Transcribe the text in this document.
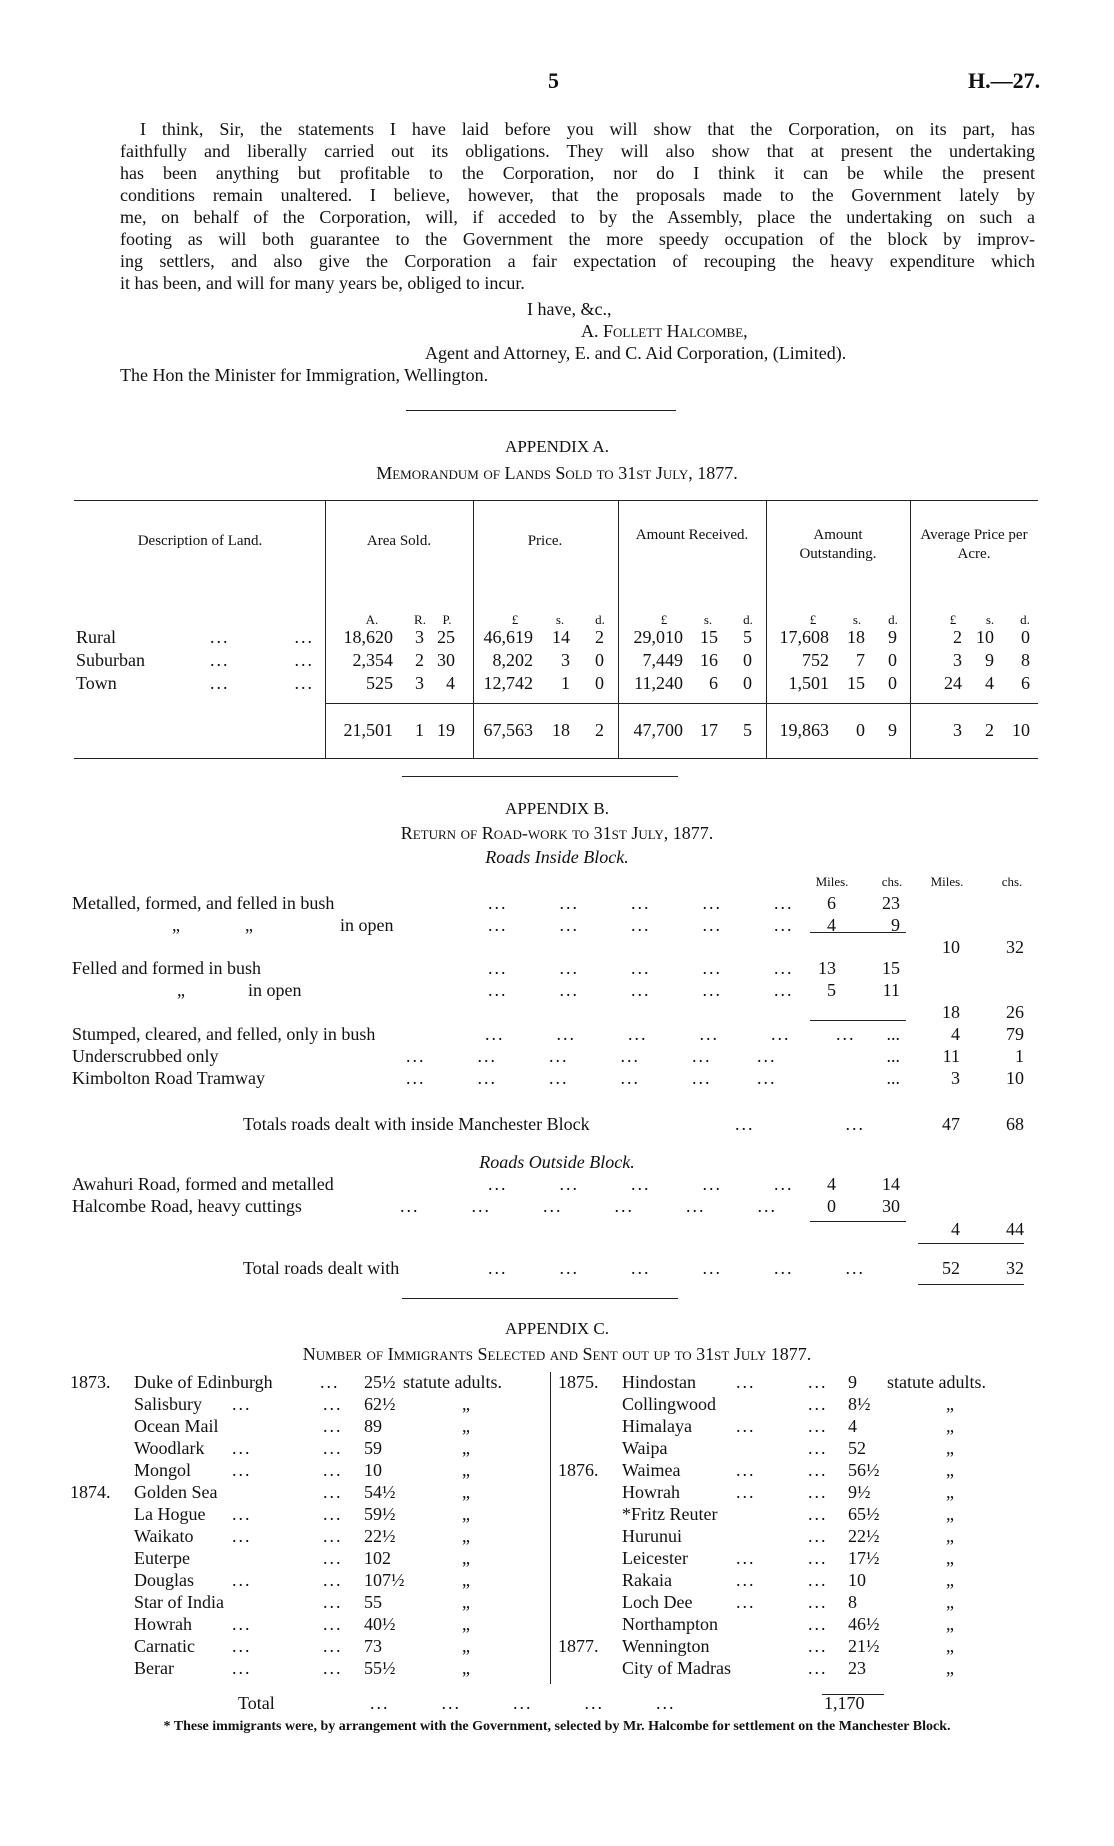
5	H.—27.
I think, Sir, the statements I have laid before you will show that the Corporation, on its part, has
faithfully and liberally carried out its obligations. They will also show that at present the undertaking
has been anything but profitable to the Corporation, nor do I think it can be while the present
conditions remain unaltered. I believe, however, that the proposals made to the Government lately by
me, on behalf of the Corporation, will, if acceded to by the Assembly, place the undertaking on such a
footing as will both guarantee to the Government the more speedy occupation of the block by improv-
ing settlers, and also give the Corporation a fair expectation of recouping the heavy expenditure which
it has been, and will for many years be, obliged to incur.
I have, &c.,
A. Follett Halcombe,
Agent and Attorney, E. and C. Aid Corporation, (Limited).
The Hon the Minister for Immigration, Wellington.
APPENDIX A.
Memorandum of Lands Sold to 31st July, 1877.
Description of Land.	Area Sold.	Price.	Amount Received.	Amount Outstanding.
Average Price per Acre.
A.	R.	P.	£	s.	d.	£	s.	d.	£	s.	d.	£	s.	d.
Rural	...          ...	18,620	3 25	46,619	14	2	29,010 15	5	17,608	18	9	2 10	0
Suburban	...          ...	2,354	2 30	8,202	3	0	7,449 16	0	752	7	0	3	9	8
Town	...          ...	525	3	4	12,742	1	0	11,240	6	0	1,501	15	0	24	4	6
21,501	1 19	67,563	18	2	47,700 17	5	19,863	0	9	3	2	10
APPENDIX B.
Return of Road-work to 31st July, 1877.
Roads Inside Block.
Miles.	chs.	Miles.	chs.
Metalled, formed, and felled in bush	...        ...        ...        ...        ...	6	23
„	„	in open	...        ...        ...        ...        ...	4	9
10	32
Felled and formed in bush	...        ...        ...        ...        ...	13	15
„	in open	...        ...        ...        ...        ...	5	11
18	26
Stumped, cleared, and felled, only in bush	...        ...        ...        ...        ...       ...	...	4	79
Underscrubbed only	...        ...        ...        ...        ...       ...	...	11	1
Kimbolton Road Tramway	...        ...        ...        ...        ...       ...	...	3	10
Totals roads dealt with inside Manchester Block	...              ...	47	68
Roads Outside Block.
Awahuri Road, formed and metalled	...        ...        ...        ...        ...	4	14
Halcombe Road, heavy cuttings	...        ...        ...        ...        ...        ...	0	30
4	44
Total roads dealt with	...        ...        ...        ...        ...        ...	52	32
APPENDIX C.
Number of Immigrants Selected and Sent out up to 31st July 1877.
1873. Duke of Edinburgh	... 25½ statute adults.
Salisbury	... 62½	„
Ocean Mail	... 89	„
Woodlark	... 59	„
Mongol	... 10	„
1874. Golden Sea	... 54½	„
La Hogue	... 59½	„
Waikato	... 22½	„
Euterpe	... 102	„
Douglas	... 107½	„
Star of India	... 55	„
Howrah	... 40½	„
Carnatic	... 73	„
Berar	... 55½	„
...
...
...
...
...
...
...
...
...
1875. Hindostan	... 9 statute adults.
Collingwood	... 8½	„
Himalaya	... 4	„
Waipa	... 52	„
1876. Waimea	... 56½	„
Howrah	... 9½	„
*Fritz Reuter	... 65½	„
Hurunui	... 22½	„
Leicester	... 17½	„
Rakaia	... 10	„
Loch Dee	... 8	„
Northampton	... 46½	„
1877. Wennington	... 21½	„
City of Madras	... 23	„
...
...
...
...
...
...
...
Total	...        ...        ...        ...        ...	1,170
* These immigrants were, by arrangement with the Government, selected by Mr. Halcombe for settlement on the Manchester Block.
